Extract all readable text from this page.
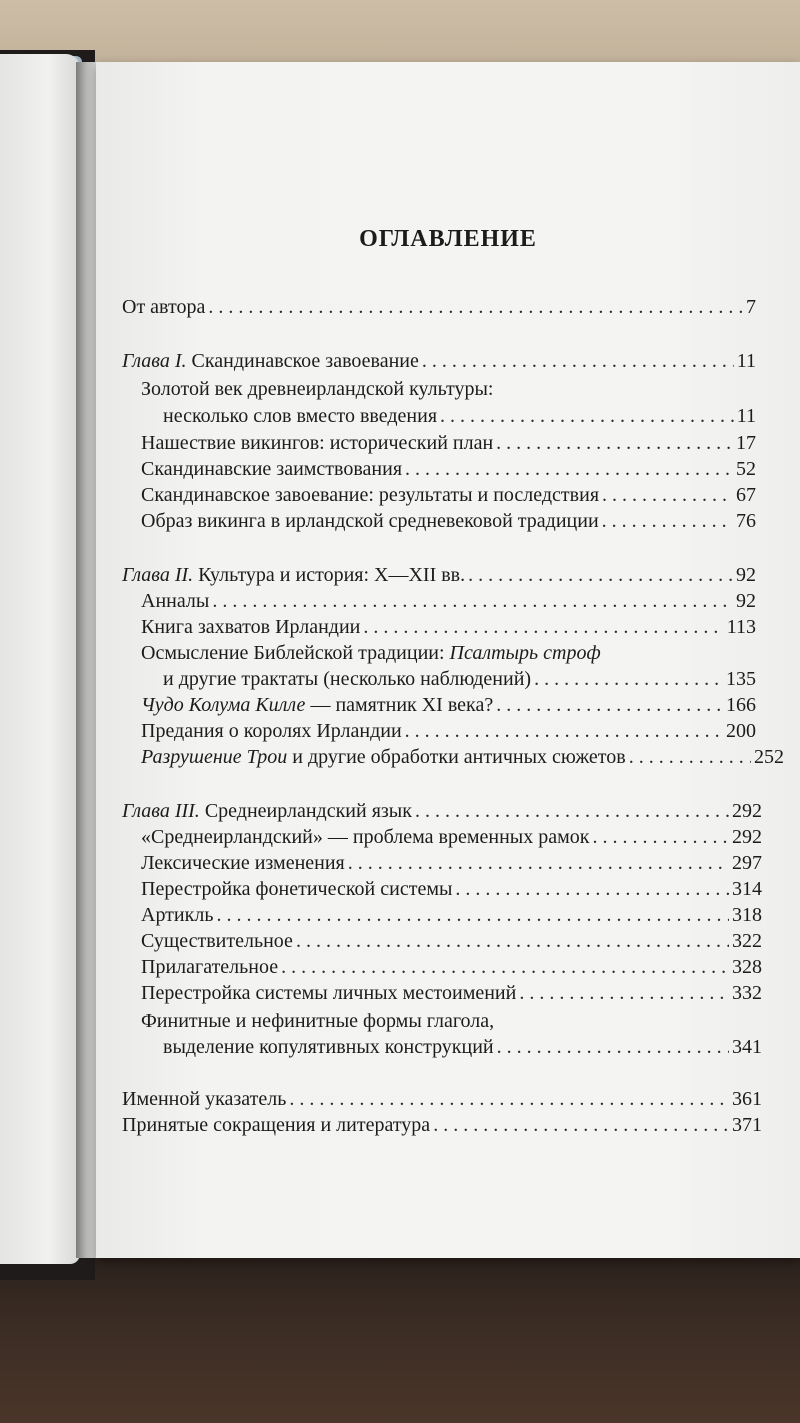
ОГЛАВЛЕНИЕ
От автора . . .	7
Глава I. Скандинавское завоевание . . .	11
Золотой век древнеирландской культуры:
несколько слов вместо введения . . .	11
Нашествие викингов: исторический план . . .	17
Скандинавские заимствования . . .	52
Скандинавское завоевание: результаты и последствия . . .	67
Образ викинга в ирландской средневековой традиции . . .	76
Глава II. Культура и история: X—XII вв. . . .	92
Анналы . . .	92
Книга захватов Ирландии . . .	113
Осмысление Библейской традиции: Псалтырь строф
и другие трактаты (несколько наблюдений) . . .	135
Чудо Колума Килле — памятник XI века? . . .	166
Предания о королях Ирландии . . .	200
Разрушение Трои и другие обработки античных сюжетов . . .	252
Глава III. Среднеирландский язык . . .	292
«Среднеирландский» — проблема временных рамок . . .	292
Лексические изменения . . .	297
Перестройка фонетической системы . . .	314
Артикль . . .	318
Существительное . . .	322
Прилагательное . . .	328
Перестройка системы личных местоимений . . .	332
Финитные и нефинитные формы глагола,
выделение копулятивных конструкций . . .	341
Именной указатель . . .	361
Принятые сокращения и литература . . .	371
